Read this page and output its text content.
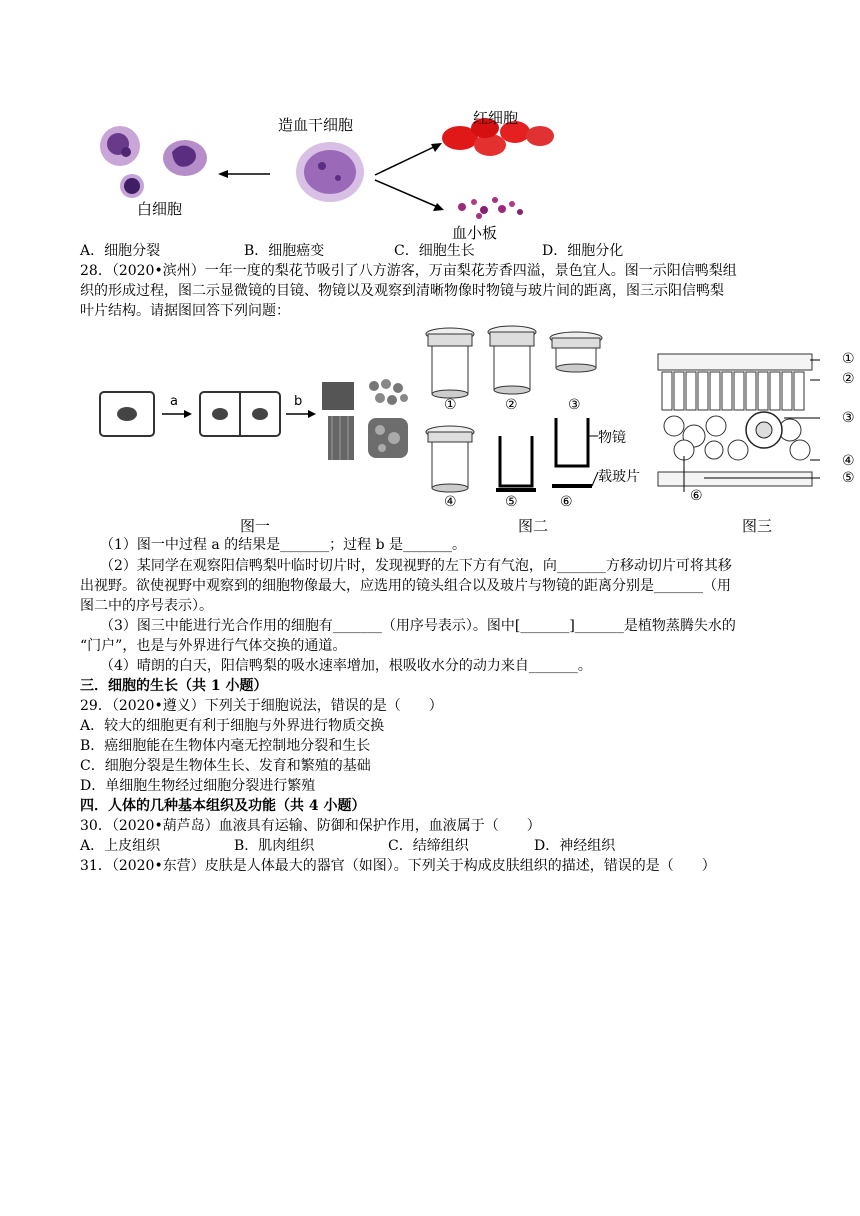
造血干细胞	红细胞
白细胞
血小板
A．细胞分裂	B．细胞癌变	C．细胞生长	D．细胞分化
28．（2020•滨州）一年一度的梨花节吸引了八方游客，万亩梨花芳香四溢，景色宜人。图一示阳信鸭梨组
织的形成过程，图二示显微镜的目镜、物镜以及观察到清晰物像时物镜与玻片间的距离，图三示阳信鸭梨
叶片结构。请据图回答下列问题：
a	b
图一
①	②	③
④	⑤	⑥
物镜
载玻片
图二
①
②
③
④
⑤
⑥
图三
（1）图一中过程 a 的结果是_______；过程 b 是_______。
（2）某同学在观察阳信鸭梨叶临时切片时，发现视野的左下方有气泡，向_______方移动切片可将其移
出视野。欲使视野中观察到的细胞物像最大，应选用的镜头组合以及玻片与物镜的距离分别是_______（用
图二中的序号表示）。
（3）图三中能进行光合作用的细胞有_______（用序号表示）。图中[_______]_______是植物蒸腾失水的
“门户”，也是与外界进行气体交换的通道。
（4）晴朗的白天，阳信鸭梨的吸水速率增加，根吸收水分的动力来自_______。
三．细胞的生长（共 1 小题）
29．（2020•遵义）下列关于细胞说法，错误的是（　　）
A．较大的细胞更有利于细胞与外界进行物质交换
B．癌细胞能在生物体内毫无控制地分裂和生长
C．细胞分裂是生物体生长、发育和繁殖的基础
D．单细胞生物经过细胞分裂进行繁殖
四．人体的几种基本组织及功能（共 4 小题）
30．（2020•葫芦岛）血液具有运输、防御和保护作用，血液属于（　　）
A．上皮组织	B．肌肉组织	C．结缔组织	D．神经组织
31．（2020•东营）皮肤是人体最大的器官（如图）。下列关于构成皮肤组织的描述，错误的是（　　）
